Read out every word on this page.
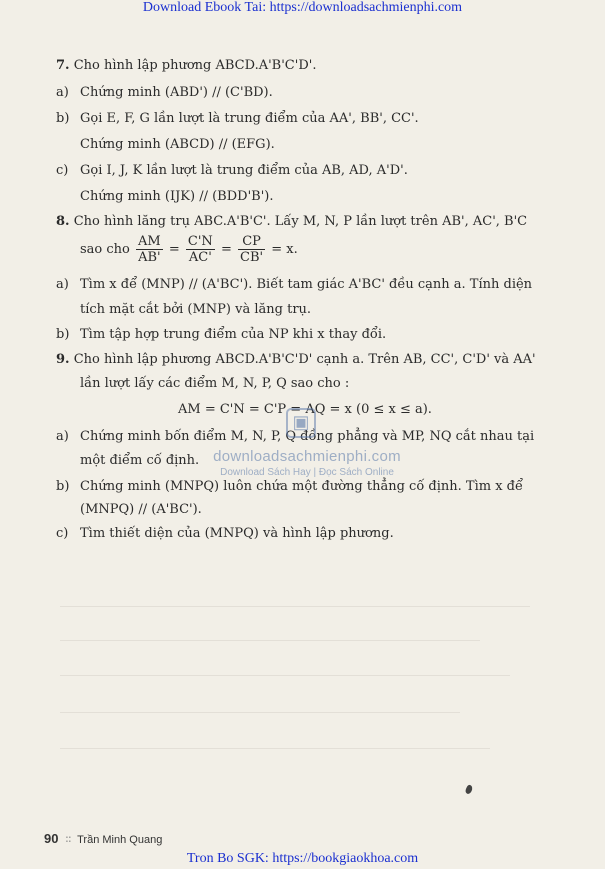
Download Ebook Tai: https://downloadsachmienphi.com
7. Cho hình lập phương ABCD.A'B'C'D'.
a) Chứng minh (ABD') // (C'BD).
b) Gọi E, F, G lần lượt là trung điểm của AA', BB', CC'.
Chứng minh (ABCD) // (EFG).
c) Gọi I, J, K lần lượt là trung điểm của AB, AD, A'D'.
Chứng minh (IJK) // (BDD'B').
8. Cho hình lăng trụ ABC.A'B'C'. Lấy M, N, P lần lượt trên AB', AC', B'C
sao cho $\frac{AM}{AB'} = \frac{C'N}{AC'} = \frac{CP}{CB'} = x$.
a) Tìm x để (MNP) // (A'BC'). Biết tam giác A'BC' đều cạnh a. Tính diện
tích mặt cắt bởi (MNP) và lăng trụ.
b) Tìm tập hợp trung điểm của NP khi x thay đổi.
9. Cho hình lập phương ABCD.A'B'C'D' cạnh a. Trên AB, CC', C'D' và AA'
lần lượt lấy các điểm M, N, P, Q sao cho :
AM = C'N = C'P = AQ = x (0 ≤ x ≤ a).
a) Chứng minh bốn điểm M, N, P, Q đồng phẳng và MP, NQ cắt nhau tại
một điểm cố định.
b) Chứng minh (MNPQ) luôn chứa một đường thẳng cố định. Tìm x để
(MNPQ) // (A'BC').
c) Tìm thiết diện của (MNPQ) và hình lập phương.
▣
downloadsachmienphi.com
Download Sách Hay | Đọc Sách Online
90 ∶∶ Trần Minh Quang
Tron Bo SGK: https://bookgiaokhoa.com
